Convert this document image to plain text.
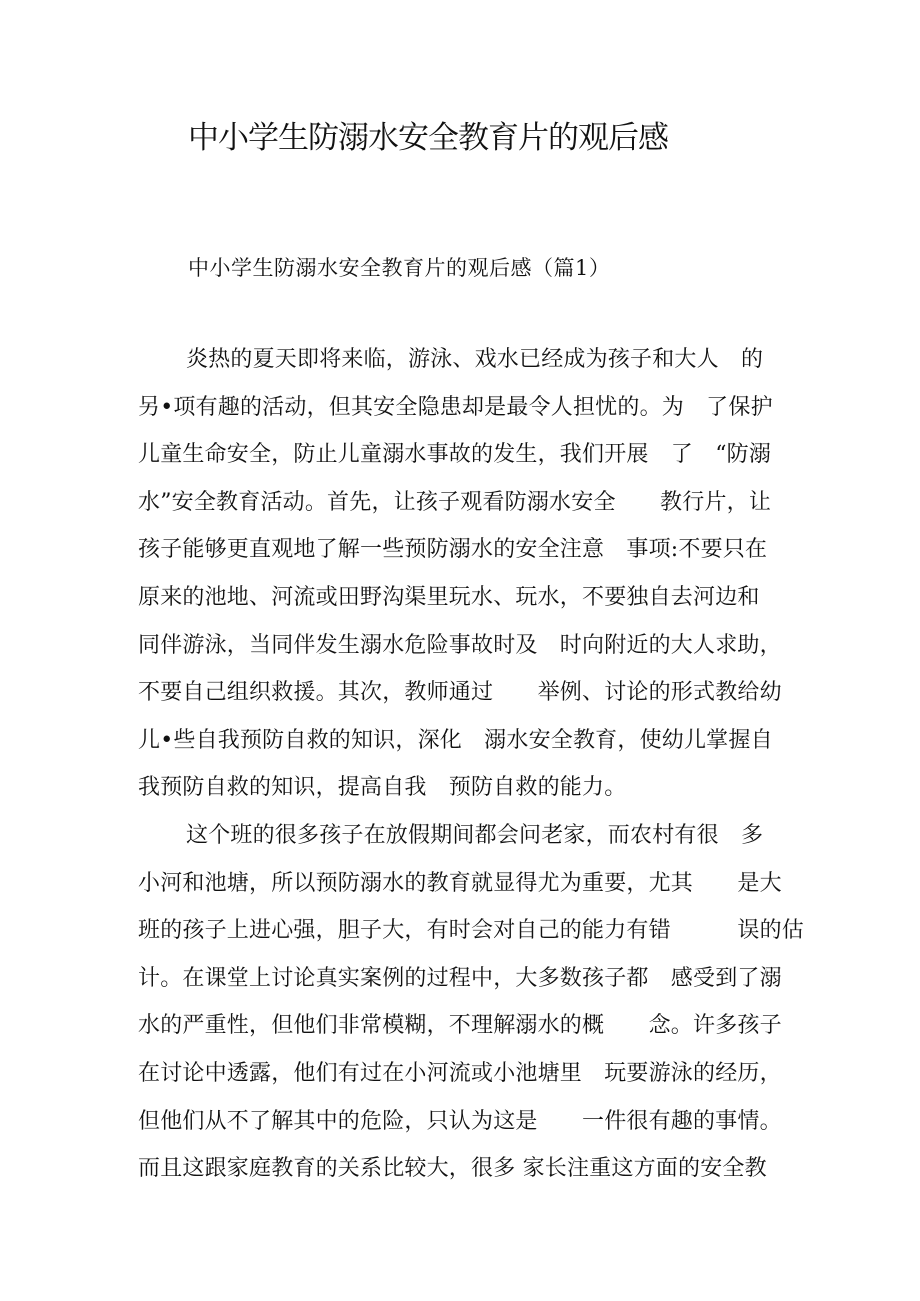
中小学生防溺水安全教育片的观后感
中小学生防溺水安全教育片的观后感（篇1）
炎热的夏天即将来临，游泳、戏水已经成为孩子和大人　的
另•项有趣的活动，但其安全隐患却是最令人担忧的。为　了保护
儿童生命安全，防止儿童溺水事故的发生，我们开展　了　“防溺
水”安全教育活动。首先，让孩子观看防溺水安全　　教行片，让
孩子能够更直观地了解一些预防溺水的安全注意　事项:不要只在
原来的池地、河流或田野沟渠里玩水、玩水，不要独自去河边和
同伴游泳，当同伴发生溺水危险事故时及　时向附近的大人求助，
不要自己组织救援。其次，教师通过　　举例、讨论的形式教给幼
儿•些自我预防自救的知识，深化　溺水安全教育，使幼儿掌握自
我预防自救的知识，提高自我　预防自救的能力。
这个班的很多孩子在放假期间都会问老家，而农村有很　多
小河和池塘，所以预防溺水的教育就显得尤为重要，尤其　　是大
班的孩子上进心强，胆子大，有时会对自己的能力有错　　　误的估
计。在课堂上讨论真实案例的过程中，大多数孩子都　感受到了溺
水的严重性，但他们非常模糊，不理解溺水的概　　念。许多孩子
在讨论中透露，他们有过在小河流或小池塘里　玩要游泳的经历，
但他们从不了解其中的危险，只认为这是　　一件很有趣的事情。
而且这跟家庭教育的关系比较大，很多 家长注重这方面的安全教
